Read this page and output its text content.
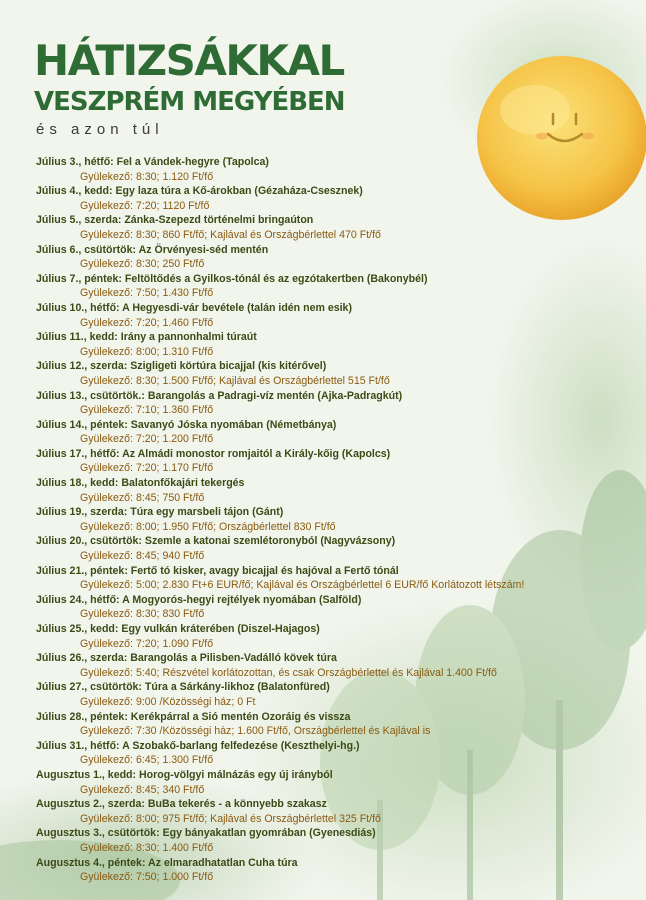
HÁTIZSÁKKAL
VESZPRÉM MEGYÉBEN
és azon túl
Július 3., hétfő: Fel a Vándek-hegyre (Tapolca)
Gyülekező: 8:30; 1.120 Ft/fő
Július 4., kedd: Egy laza túra a Kő-árokban (Gézaháza-Csesznek)
Gyülekező: 7:20; 1120 Ft/fő
Július 5., szerda: Zánka-Szepezd történelmi bringaúton
Gyülekező: 8:30; 860 Ft/fő; Kajlával és Országbérlettel 470 Ft/fő
Július 6., csütörtök: Az Örvényesi-séd mentén
Gyülekező: 8:30; 250 Ft/fő
Július 7., péntek: Feltöltődés a Gyilkos-tónál és az egzótakertben (Bakonybél)
Gyülekező: 7:50; 1.430 Ft/fő
Július 10., hétfő: A Hegyesdi-vár bevétele (talán idén nem esik)
Gyülekező: 7:20; 1.460 Ft/fő
Július 11., kedd: Irány a pannonhalmi túraút
Gyülekező: 8:00; 1.310 Ft/fő
Július 12., szerda: Szigligeti körtúra bicajjal (kis kitérővel)
Gyülekező: 8:30; 1.500 Ft/fő; Kajlával és Országbérlettel 515 Ft/fő
Július 13., csütörtök.: Barangolás a Padragi-víz mentén (Ajka-Padragkút)
Gyülekező: 7:10; 1.360 Ft/fő
Július 14., péntek: Savanyó Jóska nyomában (Németbánya)
Gyülekező: 7:20; 1.200 Ft/fő
Július 17., hétfő: Az Almádi monostor romjaitól a Király-kőig (Kapolcs)
Gyülekező: 7:20; 1.170 Ft/fő
Július 18., kedd: Balatonfőkajári tekergés
Gyülekező: 8:45; 750 Ft/fő
Július 19., szerda: Túra egy marsbeli tájon (Gánt)
Gyülekező: 8:00; 1.950 Ft/fő; Országbérlettel 830 Ft/fő
Július 20., csütörtök: Szemle a katonai szemlétoronyból (Nagyvázsony)
Gyülekező: 8:45; 940 Ft/fő
Július 21., péntek: Fertő tó kisker, avagy bicajjal és hajóval a Fertő tónál
Gyülekező: 5:00; 2.830 Ft+6 EUR/fő; Kajlával és Országbérlettel 6 EUR/fő Korlátozott létszám!
Július 24., hétfő: A Mogyorós-hegyi rejtélyek nyomában (Salföld)
Gyülekező: 8:30; 830 Ft/fő
Július 25., kedd: Egy vulkán kráterében (Diszel-Hajagos)
Gyülekező: 7:20; 1.090 Ft/fő
Július 26., szerda: Barangolás a Pilisben-Vadálló kövek túra
Gyülekező: 5:40; Részvétel korlátozottan, és csak Országbérlettel és Kajlával 1.400 Ft/fő
Július 27., csütörtök: Túra a Sárkány-likhoz (Balatonfüred)
Gyülekező: 9:00 /Közösségi ház; 0 Ft
Július 28., péntek: Kerékpárral a Sió mentén Ozoráig és vissza
Gyülekező: 7:30 /Közösségi ház; 1.600 Ft/fő, Országbérlettel és Kajlával is
Július 31., hétfő: A Szobakő-barlang felfedezése (Keszthelyi-hg.)
Gyülekező: 6:45; 1.300 Ft/fő
Augusztus 1., kedd: Horog-völgyi málnázás egy új irányból
Gyülekező: 8:45; 340 Ft/fő
Augusztus 2., szerda: BuBa tekerés - a könnyebb szakasz
Gyülekező: 8:00; 975 Ft/fő; Kajlával és Országbérlettel 325 Ft/fő
Augusztus 3., csütörtök: Egy bányakatlan gyomrában (Gyenesdiás)
Gyülekező: 8:30; 1.400 Ft/fő
Augusztus 4., péntek: Az elmaradhatatlan Cuha túra
Gyülekező: 7:50; 1.000 Ft/fő
